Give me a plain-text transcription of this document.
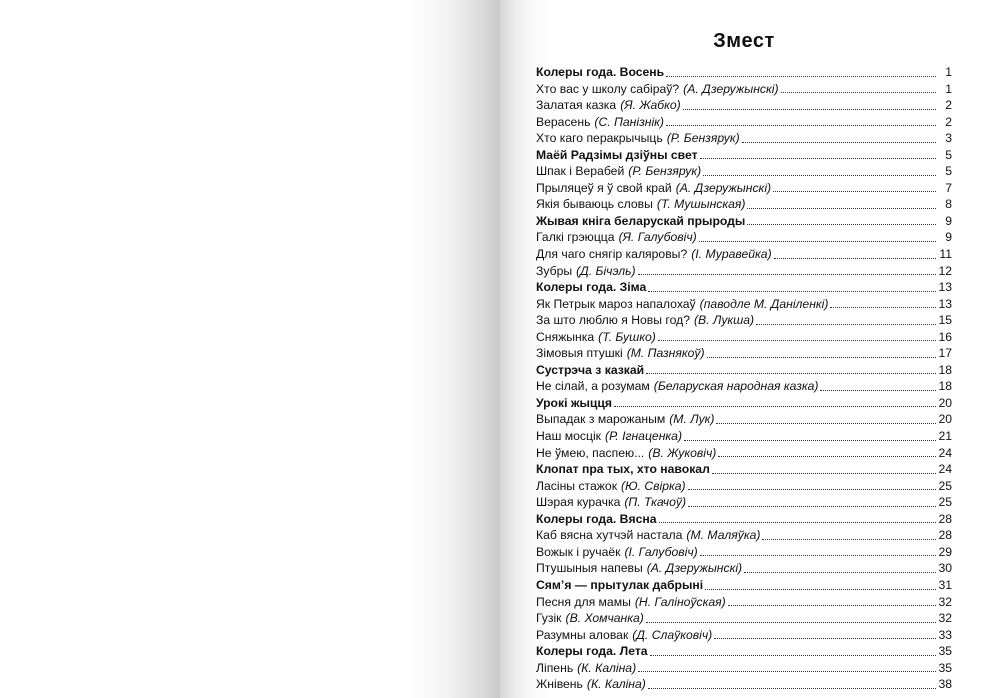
Змест
Колеры года. Восень	1
Хто вас у школу сабіраў? (А. Дзеружынскі)	1
Залатая казка (Я. Жабко)	2
Верасень (С. Панізнік)	2
Хто каго перакрычыць (Р. Бензярук)	3
Маёй Радзімы дзіўны свет	5
Шпак і Верабей (Р. Бензярук)	5
Прыляцеў я ў свой край (А. Дзеружынскі)	7
Якія бываюць словы (Т. Мушынская)	8
Жывая кніга беларускай прыроды	9
Галкі грэюцца (Я. Галубовіч)	9
Для чаго снягір каляровы? (І. Муравейка)	11
Зубры (Д. Бічэль)	12
Колеры года. Зіма	13
Як Петрык мароз напалохаў (паводле М. Даніленкі)	13
За што люблю я Новы год? (В. Лукша)	15
Сняжынка (Т. Бушко)	16
Зімовыя птушкі (М. Пазнякоў)	17
Сустрэча з казкай	18
Не сілай, а розумам (Беларуская народная казка)	18
Урокі жыцця	20
Выпадак з марожаным (М. Лук)	20
Наш мосцік (Р. Ігнаценка)	21
Не ўмею, паспею... (В. Жуковіч)	24
Клопат пра тых, хто навокал	24
Ласіны стажок (Ю. Свірка)	25
Шэрая курачка (П. Ткачоў)	25
Колеры года. Вясна	28
Каб вясна хутчэй настала (М. Маляўка)	28
Вожык і ручаёк (І. Галубовіч)	29
Птушыныя напевы (А. Дзеружынскі)	30
Сям’я — прытулак дабрыні	31
Песня для мамы (Н. Галіноўская)	32
Гузік (В. Хомчанка)	32
Разумны аловак (Д. Слаўковіч)	33
Колеры года. Лета	35
Ліпень (К. Каліна)	35
Жнівень (К. Каліна)	38
